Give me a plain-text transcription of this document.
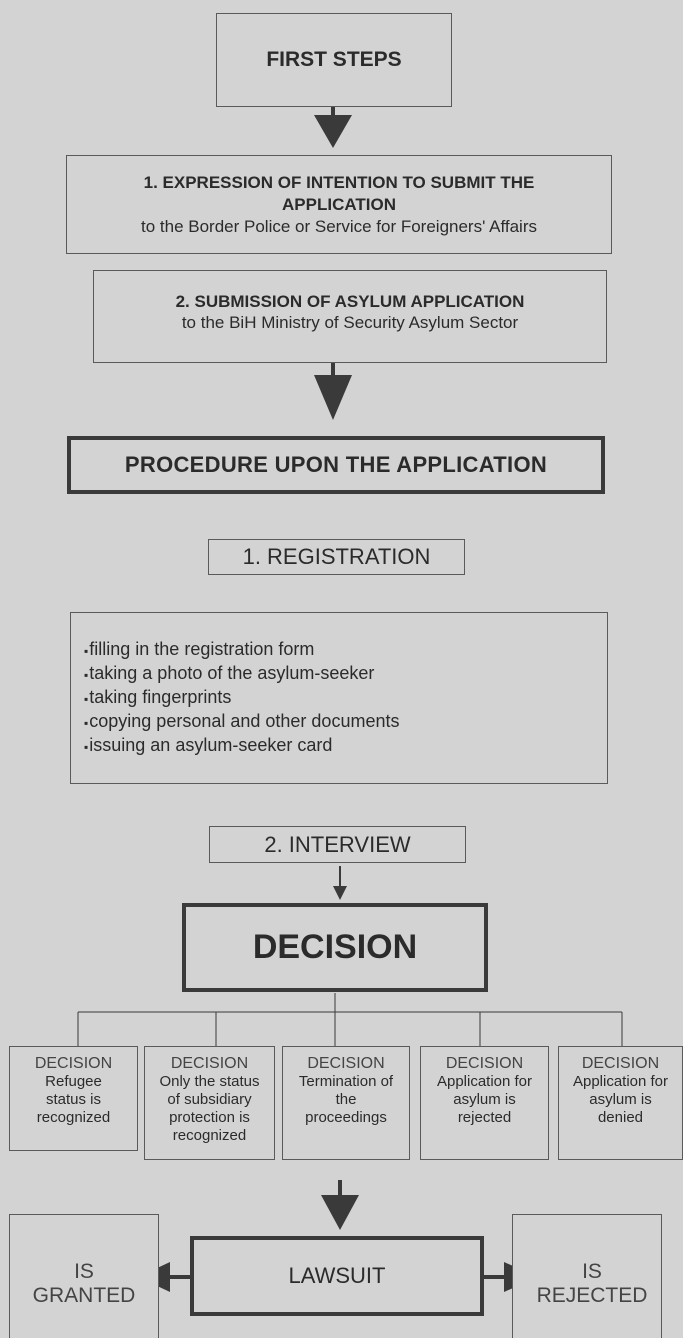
FIRST STEPS
1. EXPRESSION OF INTENTION TO SUBMIT THE
APPLICATION
to the Border Police or Service for Foreigners' Affairs
2. SUBMISSION OF ASYLUM APPLICATION
to the BiH Ministry of Security Asylum Sector
PROCEDURE UPON THE APPLICATION
1. REGISTRATION
▪ filling in the registration form
▪ taking a photo of the asylum-seeker
▪ taking fingerprints
▪ copying personal and other documents
▪ issuing an asylum-seeker card
2. INTERVIEW
DECISION
DECISION
Refugee
status is
recognized
DECISION
Only the status
of subsidiary
protection is
recognized
DECISION
Termination of
the
proceedings
DECISION
Application for
asylum is
rejected
DECISION
Application for
asylum is
denied
IS
GRANTED
IS
REJECTED
LAWSUIT
